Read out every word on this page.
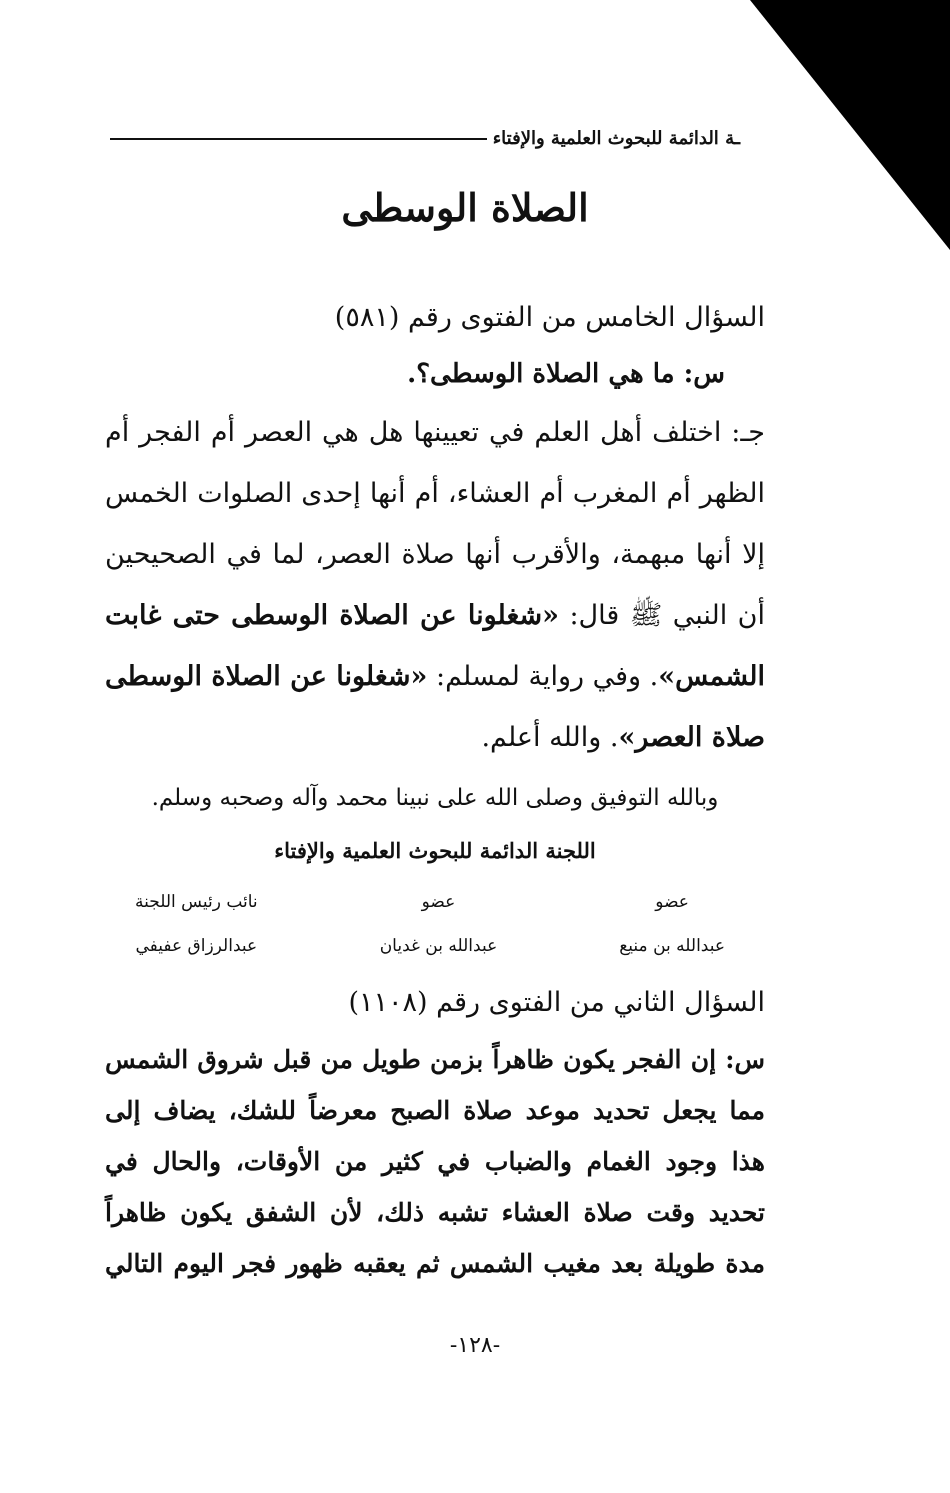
ـة الدائمة للبحوث العلمية والإفتاء
الصلاة الوسطى
السؤال الخامس من الفتوى رقم (٥٨١)
س: ما هي الصلاة الوسطى؟.
جـ: اختلف أهل العلم في تعيينها هل هي العصر أم الفجر أم الظهر أم المغرب أم العشاء، أم أنها إحدى الصلوات الخمس إلا أنها مبهمة، والأقرب أنها صلاة العصر، لما في الصحيحين أن النبي ﷺ قال: «شغلونا عن الصلاة الوسطى حتى غابت الشمس». وفي رواية لمسلم: «شغلونا عن الصلاة الوسطى صلاة العصر». والله أعلم.
وبالله التوفيق وصلى الله على نبينا محمد وآله وصحبه وسلم.
اللجنة الدائمة للبحوث العلمية والإفتاء
عضو
عبدالله بن منيع
عضو
عبدالله بن غديان
نائب رئيس اللجنة
عبدالرزاق عفيفي
السؤال الثاني من الفتوى رقم (١١٠٨)
س: إن الفجر يكون ظاهراً بزمن طويل من قبل شروق الشمس مما يجعل تحديد موعد صلاة الصبح معرضاً للشك، يضاف إلى هذا وجود الغمام والضباب في كثير من الأوقات، والحال في تحديد وقت صلاة العشاء تشبه ذلك، لأن الشفق يكون ظاهراً مدة طويلة بعد مغيب الشمس ثم يعقبه ظهور فجر اليوم التالي
-١٢٨-
